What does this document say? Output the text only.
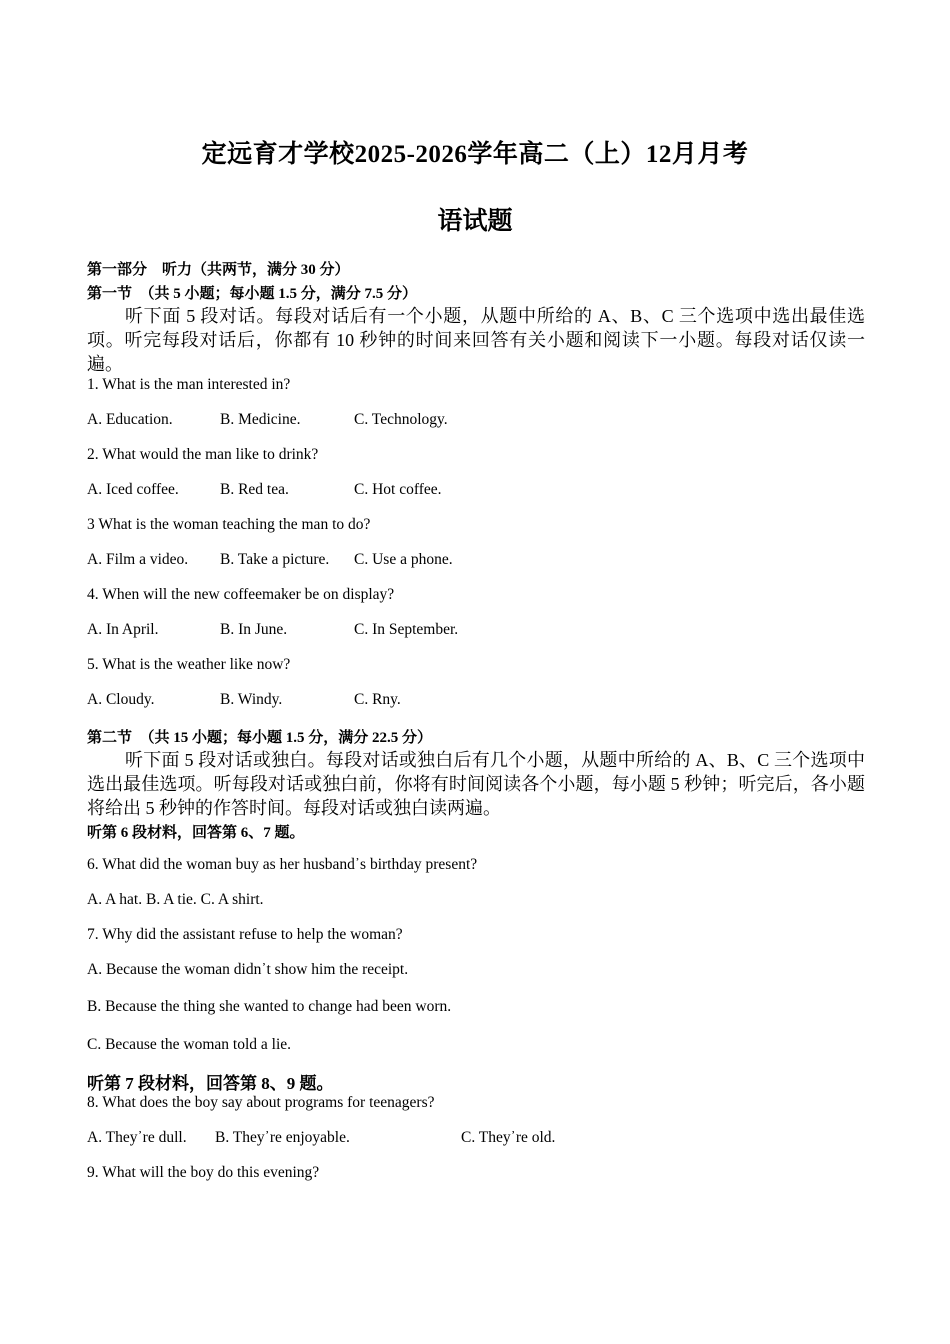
定远育才学校2025-2026学年高二（上）12月月考
语试题
第一部分　听力（共两节，满分 30 分）
第一节　（共 5 小题；每小题 1.5 分，满分 7.5 分）
听下面 5 段对话。每段对话后有一个小题，从题中所给的 A、B、C 三个选项中选出最佳选项。听完每段对话后，你都有 10 秒钟的时间来回答有关小题和阅读下一小题。每段对话仅读一遍。
1. What is the man interested in?
A. Education.	B. Medicine.	C. Technology.
2. What would the man like to drink?
A. Iced coffee.	B. Red tea.	C. Hot coffee.
3 What is the woman teaching the man to do?
A. Film a video. B. Take a picture. C. Use a phone.
4. When will the new coffeemaker be on display?
A. In April.	B. In June.	C. In September.
5. What is the weather like now?
A. Cloudy.	B. Windy.	C. Rny.
第二节　（共 15 小题；每小题 1.5 分，满分 22.5 分）
听下面 5 段对话或独白。每段对话或独白后有几个小题，从题中所给的 A、B、C 三个选项中选出最佳选项。听每段对话或独白前，你将有时间阅读各个小题，每小题 5 秒钟；听完后，各小题将给出 5 秒钟的作答时间。每段对话或独白读两遍。
听第 6 段材料，回答第 6、7 题。
6. What did the woman buy as her husband᾿s birthday present?
A. A hat. B. A tie. C. A shirt.
7. Why did the assistant refuse to help the woman?
A. Because the woman didn᾿t show him the receipt.
B. Because the thing she wanted to change had been worn.
C. Because the woman told a lie.
听第 7 段材料，回答第 8、9 题。
8. What does the boy say about programs for teenagers?
A. They᾿re dull. B. They᾿re enjoyable.	C. They᾿re old.
9. What will the boy do this evening?
